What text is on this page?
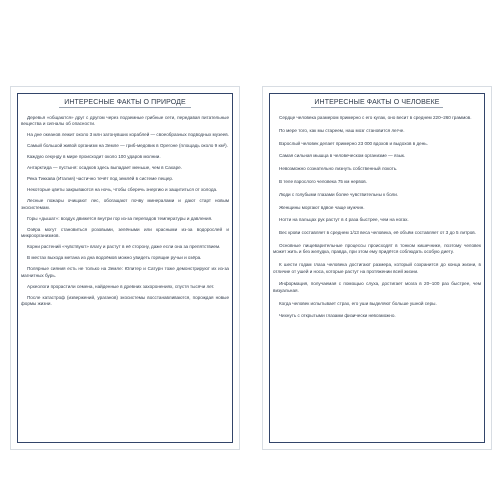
ИНТЕРЕСНЫЕ ФАКТЫ О ПРИРОДЕ

Деревья «общаются» друг с другом через подземные грибные сети, передавая питательные вещества и сигналы об опасности.

На дне океанов лежит около 3 млн затонувших кораблей — своеобразных подводных музеев.

Самый большой живой организм на Земле — гриб-медовик в Орегоне (площадь около 9 км²).

Каждую секунду в мире происходит около 100 ударов молнии.

Антарктида — пустыня: осадков здесь выпадает меньше, чем в Сахаре.

Река Тиккава (Италия) частично течёт под землёй в системе пещер.

Некоторые цветы закрываются на ночь, чтобы сберечь энергию и защититься от холода.

Лесные пожары очищают лес, обогащают почву минералами и дают старт новым экосистемам.

Горы «дышат»: воздух движется внутри гор из-за перепадов температуры и давления.

Озёра могут становиться розовыми, зелёными или красными из-за водорослей и микроорганизмов.

Корни растений «чувствуют» влагу и растут в её сторону, даже если она за препятствием.

В местах выхода метана из дна водоёмов можно увидеть горящие ручьи и озёра.

Полярные сияния есть не только на Земле: Юпитер и Сатурн тоже демонстрируют их из-за магнитных бурь.

Археологи прорастили семена, найденные в древних захоронениях, спустя тысячи лет.

После катастроф (извержений, ураганов) экосистемы восстанавливаются, порождая новые формы жизни.

ИНТЕРЕСНЫЕ ФАКТЫ О ЧЕЛОВЕКЕ

Сердце человека размером примерно с его кулак, оно весит в среднем 220–260 граммов.

По мере того, как мы стареем, наш мозг становится легче.

Взрослый человек делает примерно 23 000 вдохов и выдохов в день.

Самая сильная мышца в человеческом организме — язык.

Невозможно сознательно лизнуть собственный локоть.

В теле взрослого человека 75 км нервов.

Люди с голубыми глазами более чувствительны к боли.

Женщины моргают вдвое чаще мужчин.

Ногти на пальцах рук растут в 4 раза быстрее, чем на ногах.

Вес крови составляет в среднем 1/13 веса человека, её объём составляет от 3 до 5 литров.

Основные пищеварительные процессы происходят в тонком кишечнике, поэтому человек может жить и без желудка, правда, при этом ему придётся соблюдать особую диету.

К шести годам глаза человека достигают размера, который сохранится до конца жизни, в отличие от ушей и носа, которые растут на протяжении всей жизни.

Информация, получаемая с помощью слуха, достигает мозга в 20–100 раз быстрее, чем визуальная.

Когда человек испытывает страх, его уши выделяют больше ушной серы.

Чихнуть с открытыми глазами физически невозможно.
